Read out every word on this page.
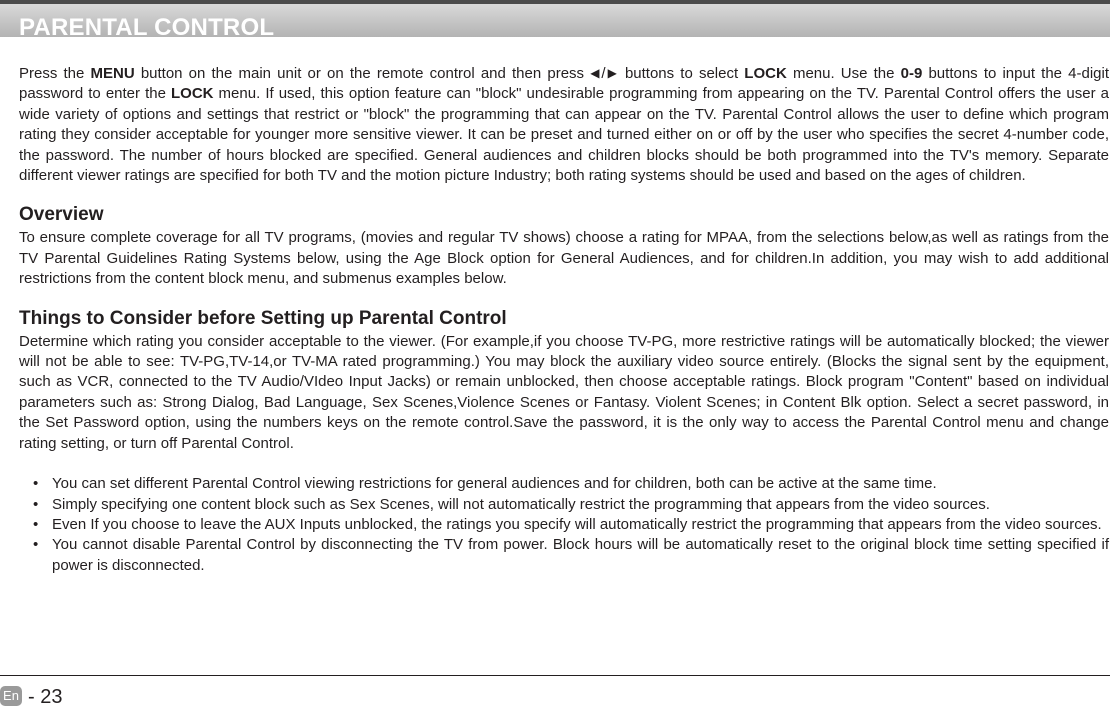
PARENTAL CONTROL

Press the MENU button on the main unit or on the remote control and then press ◀/▶ buttons to select LOCK menu. Use the 0-9 buttons to input the 4-digit password to enter the LOCK menu. If used, this option feature can "block" undesirable programming from appearing on the TV. Parental Control offers the user a wide variety of options and settings that restrict or "block" the programming that can appear on the TV. Parental Control allows the user to define which program rating they consider acceptable for younger more sensitive viewer. It can be preset and turned either on or off by the user who specifies the secret 4-number code, the password. The number of hours blocked are specified. General audiences and children blocks should be both programmed into the TV's memory. Separate different viewer ratings are specified for both TV and the motion picture Industry; both rating systems should be used and based on the ages of children.

Overview

To ensure complete coverage for all TV programs, (movies and regular TV shows) choose a rating for MPAA, from the selections below,as well as ratings from the TV Parental Guidelines Rating Systems below, using the Age Block option for General Audiences, and for children.In addition, you may wish to add additional restrictions from the content block menu, and submenus examples below.

Things to Consider before Setting up Parental Control

Determine which rating you consider acceptable to the viewer. (For example,if you choose TV-PG, more restrictive ratings will be automatically blocked; the viewer will not be able to see: TV-PG,TV-14,or TV-MA rated programming.) You may block the auxiliary video source entirely. (Blocks the signal sent by the equipment, such as VCR, connected to the TV Audio/VIdeo Input Jacks) or remain unblocked, then choose acceptable ratings. Block program "Content" based on individual parameters such as: Strong Dialog, Bad Language, Sex Scenes,Violence Scenes or Fantasy. Violent Scenes; in Content Blk option. Select a secret password, in the Set Password option, using the numbers keys on the remote control.Save the password, it is the only way to access the Parental Control menu and change rating setting, or turn off Parental Control.

• You can set different Parental Control viewing restrictions for general audiences and for children, both can be active at the same time.
• Simply specifying one content block such as Sex Scenes, will not automatically restrict the programming that appears from the video sources.
• Even If you choose to leave the AUX Inputs unblocked, the ratings you specify will automatically restrict the programming that appears from the video sources.
• You cannot disable Parental Control by disconnecting the TV from power. Block hours will be automatically reset to the original block time setting specified if power is disconnected.
En - 23
